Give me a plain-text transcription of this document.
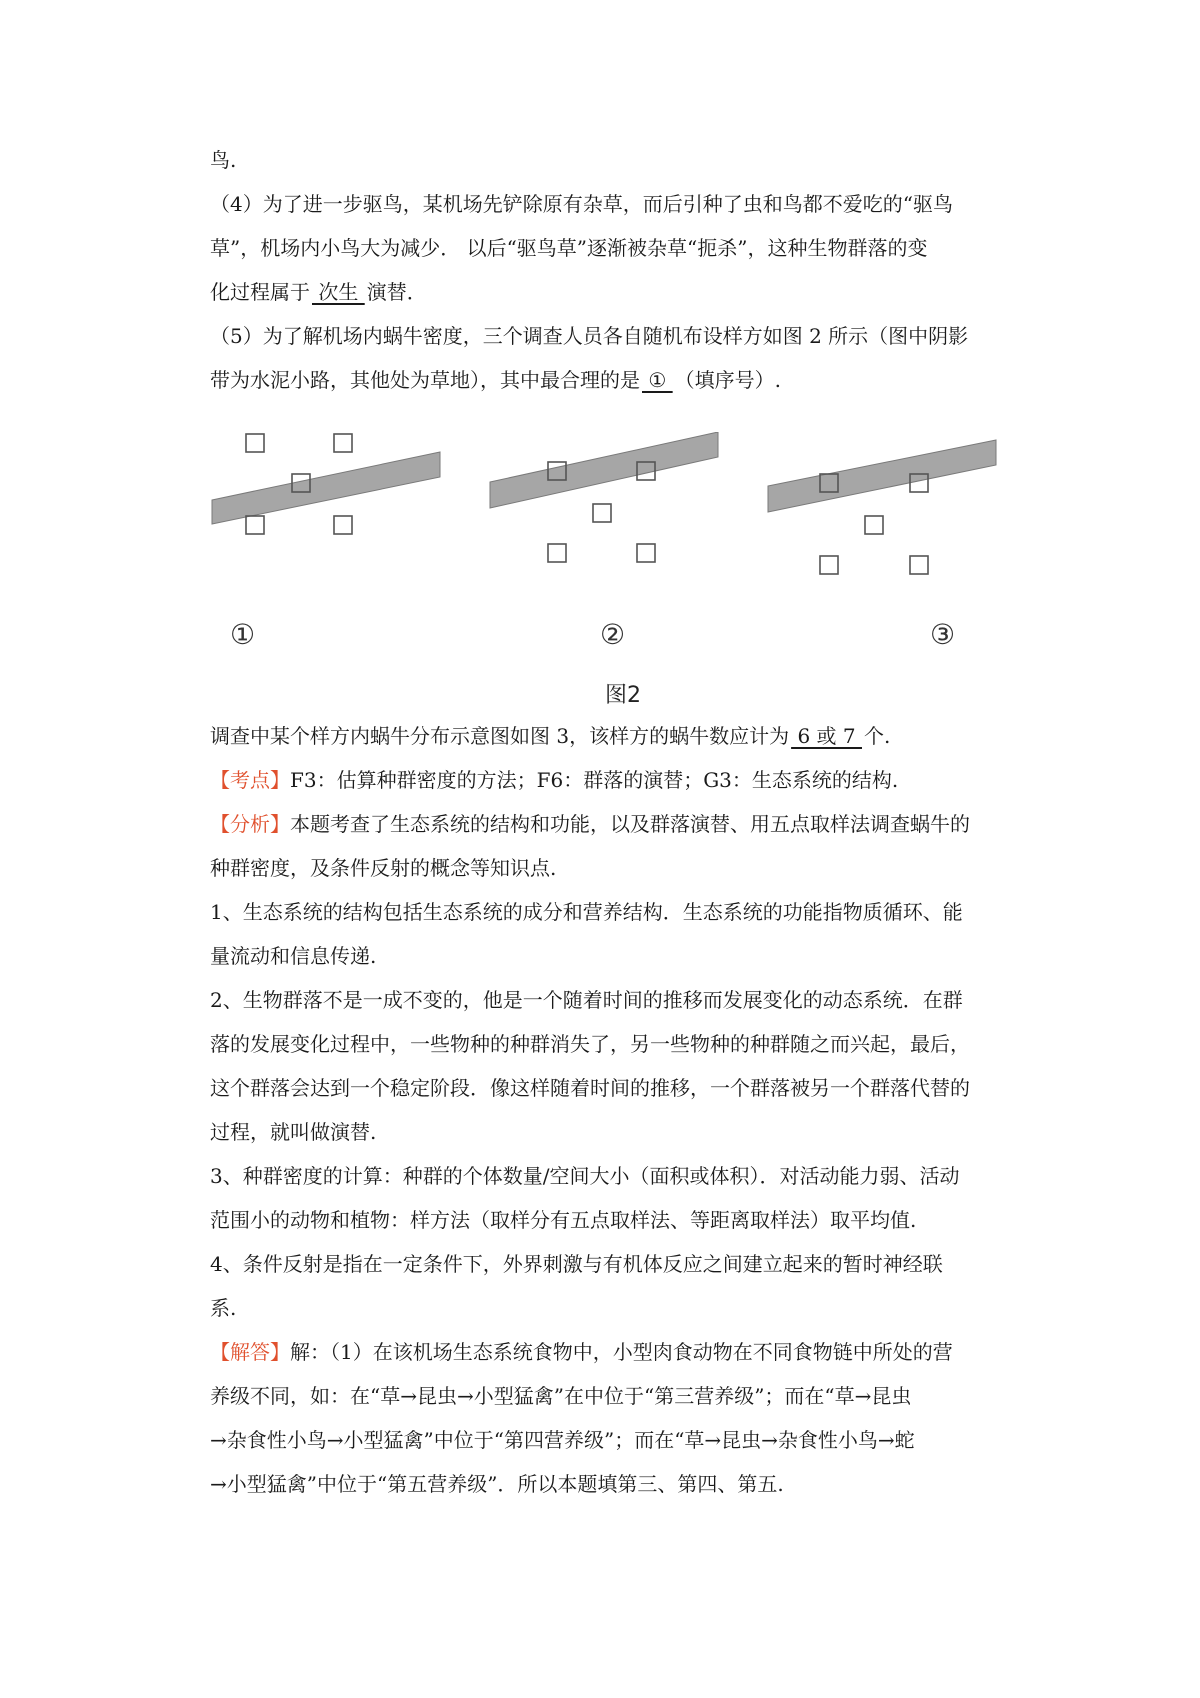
鸟.
（4）为了进一步驱鸟，某机场先铲除原有杂草，而后引种了虫和鸟都不爱吃的“驱鸟
草”，机场内小鸟大为减少． 以后“驱鸟草”逐渐被杂草“扼杀”，这种生物群落的变
化过程属于 次生 演替．
（5）为了解机场内蜗牛密度，三个调查人员各自随机布设样方如图 2 所示（图中阴影
带为水泥小路，其他处为草地），其中最合理的是 ① （填序号）.
①	②	③
图2
调查中某个样方内蜗牛分布示意图如图 3，该样方的蜗牛数应计为 6 或 7 个.
【考点】F3：估算种群密度的方法；F6：群落的演替；G3：生态系统的结构.
【分析】本题考查了生态系统的结构和功能，以及群落演替、用五点取样法调查蜗牛的
种群密度，及条件反射的概念等知识点.
1、生态系统的结构包括生态系统的成分和营养结构．生态系统的功能指物质循环、能
量流动和信息传递.
2、生物群落不是一成不变的，他是一个随着时间的推移而发展变化的动态系统．在群
落的发展变化过程中，一些物种的种群消失了，另一些物种的种群随之而兴起，最后，
这个群落会达到一个稳定阶段．像这样随着时间的推移，一个群落被另一个群落代替的
过程，就叫做演替.
3、种群密度的计算：种群的个体数量/空间大小（面积或体积）．对活动能力弱、活动
范围小的动物和植物：样方法（取样分有五点取样法、等距离取样法）取平均值.
4、条件反射是指在一定条件下，外界刺激与有机体反应之间建立起来的暂时神经联
系.
【解答】解：（1）在该机场生态系统食物中，小型肉食动物在不同食物链中所处的营
养级不同，如：在“草→昆虫→小型猛禽”在中位于“第三营养级”；而在“草→昆虫
→杂食性小鸟→小型猛禽”中位于“第四营养级”；而在“草→昆虫→杂食性小鸟→蛇
→小型猛禽”中位于“第五营养级”．所以本题填第三、第四、第五.
